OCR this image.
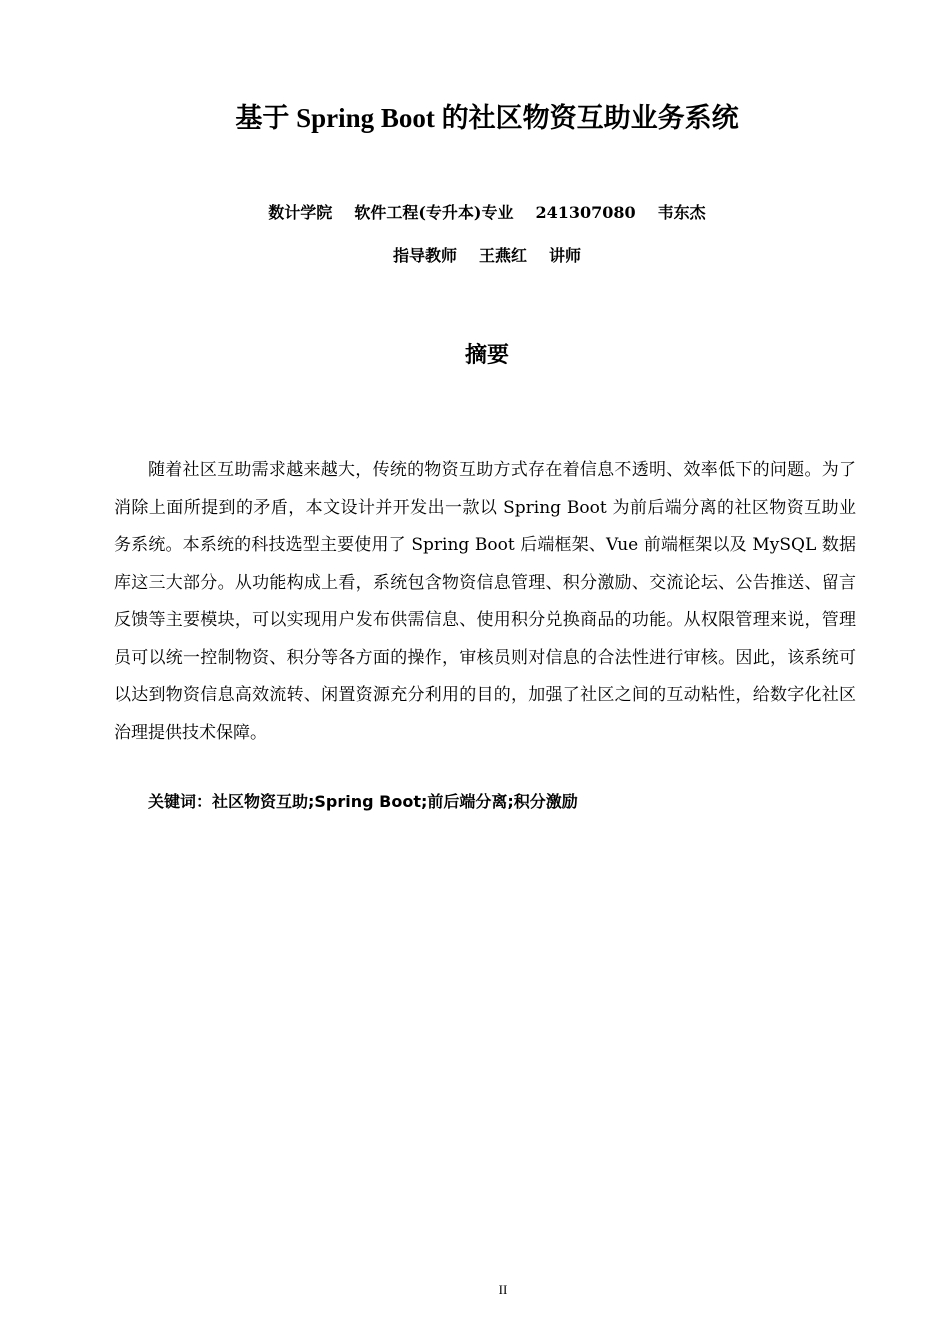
基于 Spring Boot 的社区物资互助业务系统
数计学院 软件工程(专升本)专业 241307080 韦东杰
指导教师 王燕红 讲师
摘要

随着社区互助需求越来越大，传统的物资互助方式存在着信息不透明、效率低下的问题。为了消除上面所提到的矛盾，本文设计并开发出一款以 Spring Boot 为前后端分离的社区物资互助业务系统。本系统的科技选型主要使用了 Spring Boot 后端框架、Vue 前端框架以及 MySQL 数据库这三大部分。从功能构成上看，系统包含物资信息管理、积分激励、交流论坛、公告推送、留言反馈等主要模块，可以实现用户发布供需信息、使用积分兑换商品的功能。从权限管理来说，管理员可以统一控制物资、积分等各方面的操作，审核员则对信息的合法性进行审核。因此，该系统可以达到物资信息高效流转、闲置资源充分利用的目的，加强了社区之间的互动粘性，给数字化社区治理提供技术保障。

关键词：社区物资互助;Spring Boot;前后端分离;积分激励
II
